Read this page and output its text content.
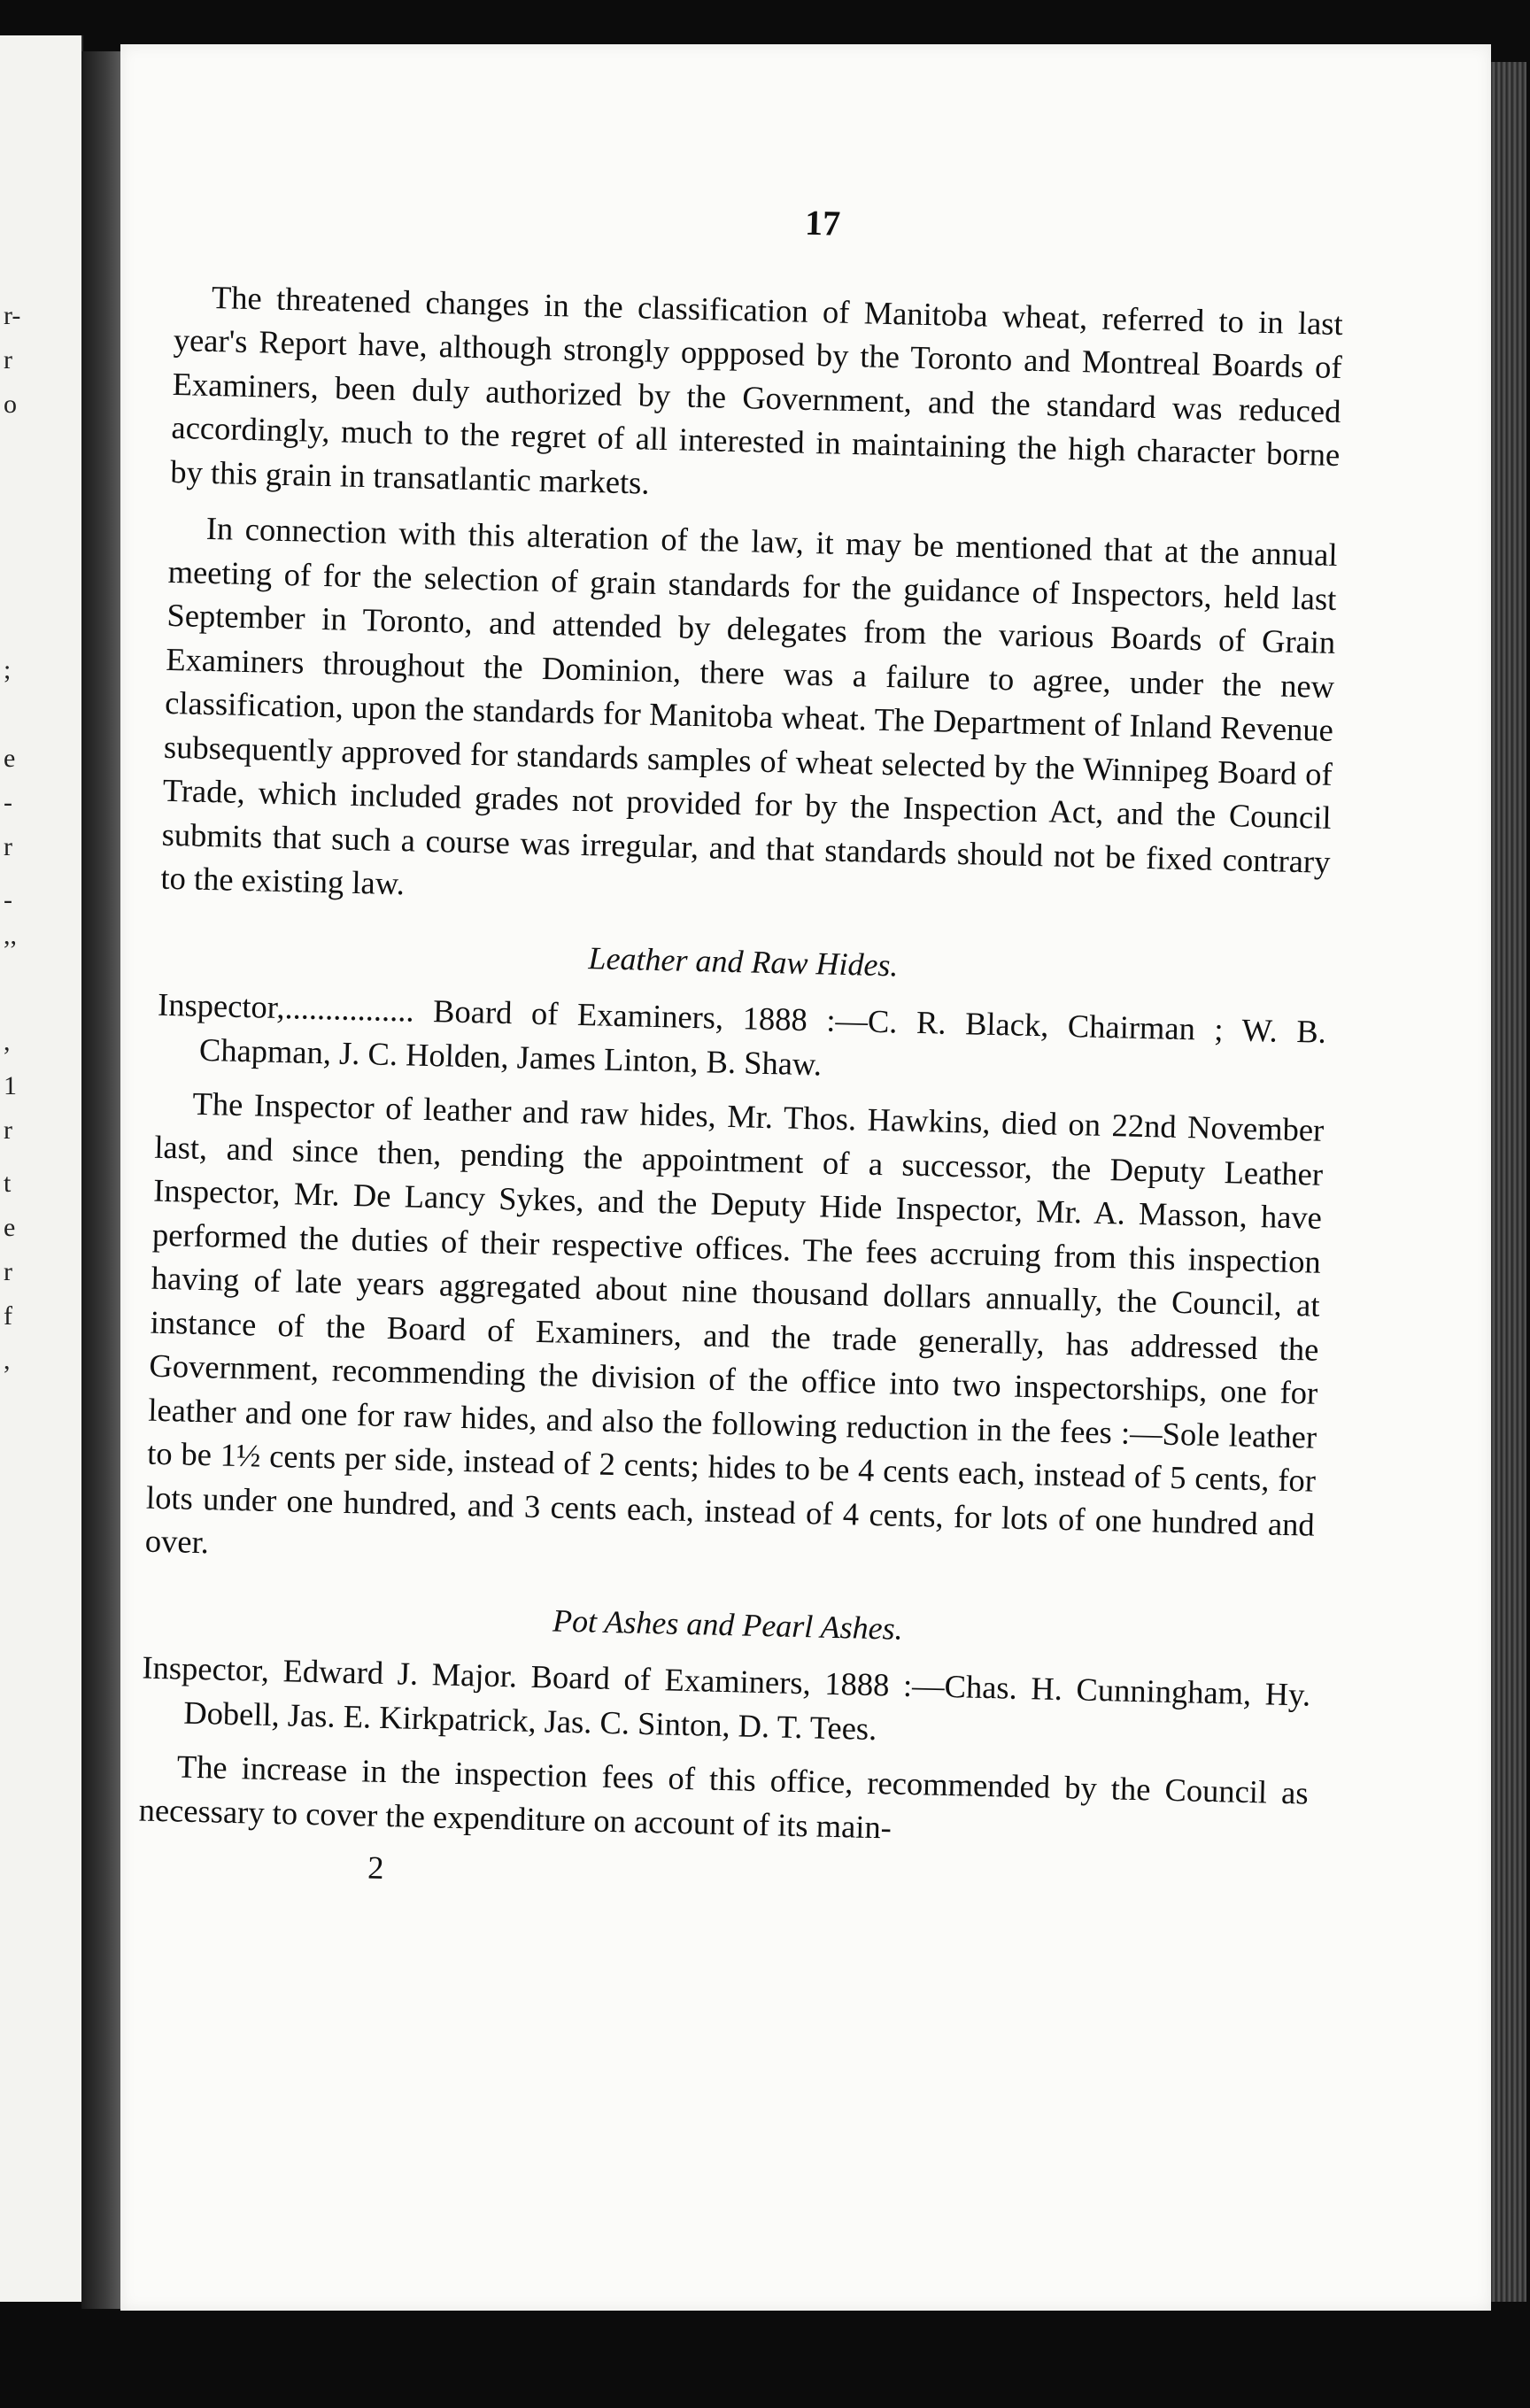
r-
r
o
;
e
-
r
-
,,
,
1
r
t
e
r
f
,
17

The threatened changes in the classification of Manitoba wheat, referred to in last year's Report have, although strongly oppposed by the Toronto and Montreal Boards of Examiners, been duly authorized by the Government, and the standard was reduced accordingly, much to the regret of all interested in maintaining the high character borne by this grain in transatlantic markets.

In connection with this alteration of the law, it may be mentioned that at the annual meeting of for the selection of grain standards for the guidance of Inspectors, held last September in Toronto, and attended by delegates from the various Boards of Grain Examiners throughout the Dominion, there was a failure to agree, under the new classification, upon the standards for Manitoba wheat. The Department of Inland Revenue subsequently approved for standards samples of wheat selected by the Winnipeg Board of Trade, which included grades not provided for by the Inspection Act, and the Council submits that such a course was irregular, and that standards should not be fixed contrary to the existing law.

Leather and Raw Hides.

Inspector,................ Board of Examiners, 1888 :—C. R. Black, Chairman ; W. B. Chapman, J. C. Holden, James Linton, B. Shaw.

The Inspector of leather and raw hides, Mr. Thos. Hawkins, died on 22nd November last, and since then, pending the appointment of a successor, the Deputy Leather Inspector, Mr. De Lancy Sykes, and the Deputy Hide Inspector, Mr. A. Masson, have performed the duties of their respective offices. The fees accruing from this inspection having of late years aggregated about nine thousand dollars annually, the Council, at instance of the Board of Examiners, and the trade generally, has addressed the Government, recommending the division of the office into two inspectorships, one for leather and one for raw hides, and also the following reduction in the fees :—Sole leather to be 1½ cents per side, instead of 2 cents; hides to be 4 cents each, instead of 5 cents, for lots under one hundred, and 3 cents each, instead of 4 cents, for lots of one hundred and over.

Pot Ashes and Pearl Ashes.

Inspector, Edward J. Major. Board of Examiners, 1888 :—Chas. H. Cunningham, Hy. Dobell, Jas. E. Kirkpatrick, Jas. C. Sinton, D. T. Tees.

The increase in the inspection fees of this office, recommended by the Council as necessary to cover the expenditure on account of its main-

2
